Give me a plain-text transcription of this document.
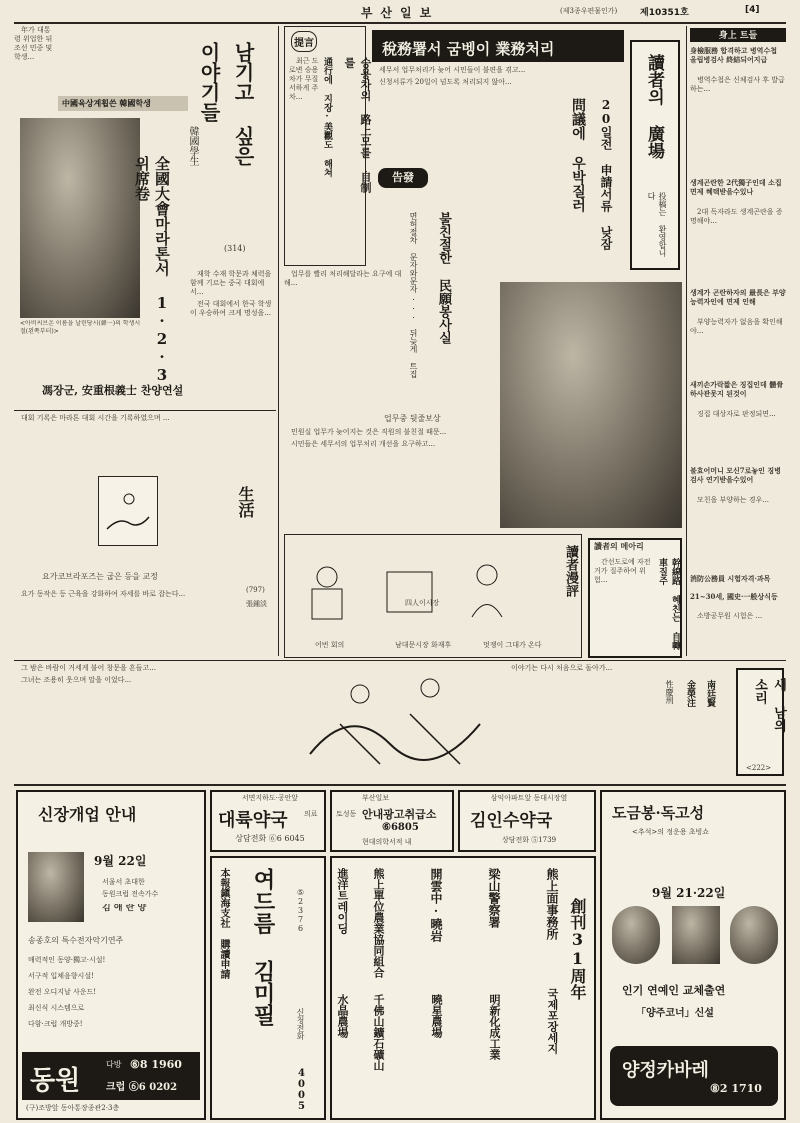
부산일보	(제3종우편물인가)	제10351호	[4]

年가 대통령 위업한 뒤 조선 민중 및 학생...

中國육상계휩쓴 韓國학생
<아비씨브온 이름을 날린당시(韓一)의 학생시절(왼쪽부터)>	全國大會마라톤서 1·2·3위席卷
남기고 싶은 이야기들
韓國學生
(314)

재학 수재 학문과 체력을 함께 기르는 중국 대회에서...

전국 대회에서 한국 학생이 우승하여 크게 명성을...

馮장군, 安重根義士 찬양연설

대회 기록은 마라톤 대회 시간을 기록하였으며 ...

生活
요가코브라포즈는 굽은 등을 교정
(797)
張鍾淡

요가 동작은 등 근육을 강화하여 자세를 바로 잡는다...

提言
승용차의 路上모를 自制를
通行에 지장·美觀도 해쳐

최근 도로변 승용차가 무질서하게 주차...

稅務署서 굼벵이 業務처리
20일전 申請서류 낮잠
問議에 우박질러
告發
불친절한 民願봉사실
면허절차 문자와문자... 뒤늦게 트집

세무서 업무처리가 늦어 시민들이 불편을 겪고...

신청서류가 20일이 넘도록 처리되지 않아...

업무를 빨리 처리해달라는 요구에 대해...

업무중 뒷줄보상
讀者의 廣場
投稿는 환영합니다
身上 트들
身檢服務 합격하고 병역수첩 올립병검사 終結되어지급

병역수첩은 신체검사 후 발급하는...

생계곤란한 2代獨子인데 소집면제 혜택받을수있나

2대 독자라도 생계곤란을 증명해야...

생계가 곤란하자의 最長은 부양능력자인에 면제 인해

부양능력자가 없음을 확인해야...

새끼손가락짧은 징집인데 髓骨하사관못지 된것이

징집 대상자로 판정되면...

불효어머니 모신7로놓인 징병검사 연기받을수있어

모친을 부양하는 경우...

消防公務員 시험자격·과목
21~30세, 國史·一般상식등

소방공무원 시험은 ...

讀者의 메아리
幹線路 혜친는 自轉車질주

간선도로에 자전거가 질주하여 위험...

민원실 업무가 늦어지는 것은 직원의 불친절 때문...

시민들은 세무서의 업무처리 개선을 요구하고...

四人이시장
어번 회의	남대문시장 화재후	멋쟁이 그대가 온다
讀者漫評

그 밤은 바람이 거세게 불어 창문을 흔들고...

그녀는 조용히 웃으며 말을 이었다...

이야기는 다시 처음으로 돌아가...

南廷賢
金榮注
性慶刑	새 남의 소리
<222>
신장개업 안내
9월 22일
서울서 초대한
동원크럽 전속가수
김 애 란 양
송종호의 특수전자악기연주
매력적인 동양·獨고·시설!
서구적 입체음향시설!
완전 오디지날 사운드!
최신식 시스템으로
다함·크럽 개방중!
동원
다방 ⑥8 1960
크럽 ⑥6 0202
(구)조방앞 동아통장종관2·3층
서면지하도·공안앞
대륙약국 의료
상담전화 ⑥6 6045
부산일보
토성동 안내광고취급소
⑥6805
현대의학서적 내
삼익아파트앞 동대시장옆
김인수약국
상담전화 ⑤1739
여드름 김미필	⑤2376
本報鎭海支社 購讀申請
신청전화
4005
創刊31周年
熊上面事務所
梁山警察署
開雲中·曉岩
熊上單位農業協同組合
進洋트레이딩
明新化成工業
曉星農場
千佛山鑛石礦山
水晶農場	국제포장세지
도금봉·독고성
<추석>의 정운용 초빙쇼
9월 21·22일
인기 연예인 교체출연
「양주코너」신설
양정카바레
⑧2 1710
